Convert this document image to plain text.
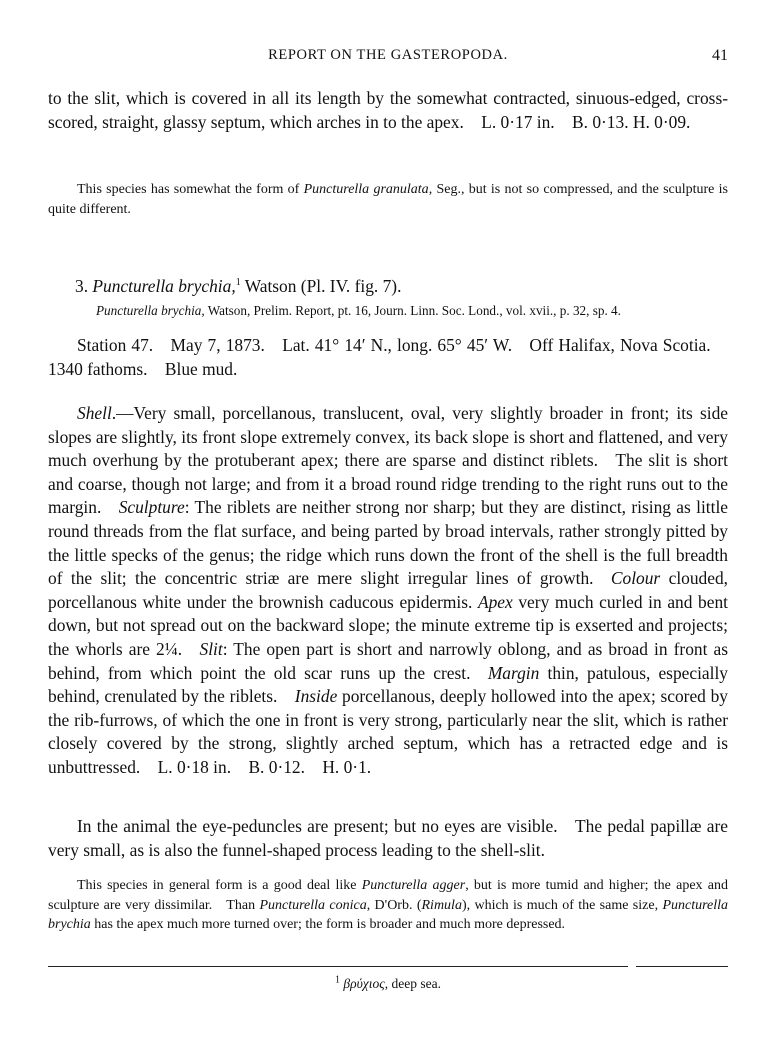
REPORT ON THE GASTEROPODA.	41

to the slit, which is covered in all its length by the somewhat contracted, sinuous-edged, cross-scored, straight, glassy septum, which arches in to the apex. L. 0·17 in. B. 0·13. H. 0·09.

This species has somewhat the form of Puncturella granulata, Seg., but is not so compressed, and the sculpture is quite different.

3. Puncturella brychia,$^1$ Watson (Pl. IV. fig. 7).
Puncturella brychia, Watson, Prelim. Report, pt. 16, Journ. Linn. Soc. Lond., vol. xvii., p. 32, sp. 4.

Station 47. May 7, 1873. Lat. 41° 14′ N., long. 65° 45′ W. Off Halifax, Nova Scotia. 1340 fathoms. Blue mud.

Shell.—Very small, porcellanous, translucent, oval, very slightly broader in front; its side slopes are slightly, its front slope extremely convex, its back slope is short and flattened, and very much overhung by the protuberant apex; there are sparse and distinct riblets. The slit is short and coarse, though not large; and from it a broad round ridge trending to the right runs out to the margin. Sculpture: The riblets are neither strong nor sharp; but they are distinct, rising as little round threads from the flat surface, and being parted by broad intervals, rather strongly pitted by the little specks of the genus; the ridge which runs down the front of the shell is the full breadth of the slit; the concentric striæ are mere slight irregular lines of growth. Colour clouded, porcellanous white under the brownish caducous epidermis. Apex very much curled in and bent down, but not spread out on the backward slope; the minute extreme tip is exserted and projects; the whorls are 2¼. Slit: The open part is short and narrowly oblong, and as broad in front as behind, from which point the old scar runs up the crest. Margin thin, patulous, especially behind, crenulated by the riblets. Inside porcellanous, deeply hollowed into the apex; scored by the rib-furrows, of which the one in front is very strong, particularly near the slit, which is rather closely covered by the strong, slightly arched septum, which has a retracted edge and is unbuttressed. L. 0·18 in. B. 0·12. H. 0·1.

In the animal the eye-peduncles are present; but no eyes are visible. The pedal papillæ are very small, as is also the funnel-shaped process leading to the shell-slit.

This species in general form is a good deal like Puncturella agger, but is more tumid and higher; the apex and sculpture are very dissimilar. Than Puncturella conica, D'Orb. (Rimula), which is much of the same size, Puncturella brychia has the apex much more turned over; the form is broader and much more depressed.

$^1$ βρύχιος, deep sea.
